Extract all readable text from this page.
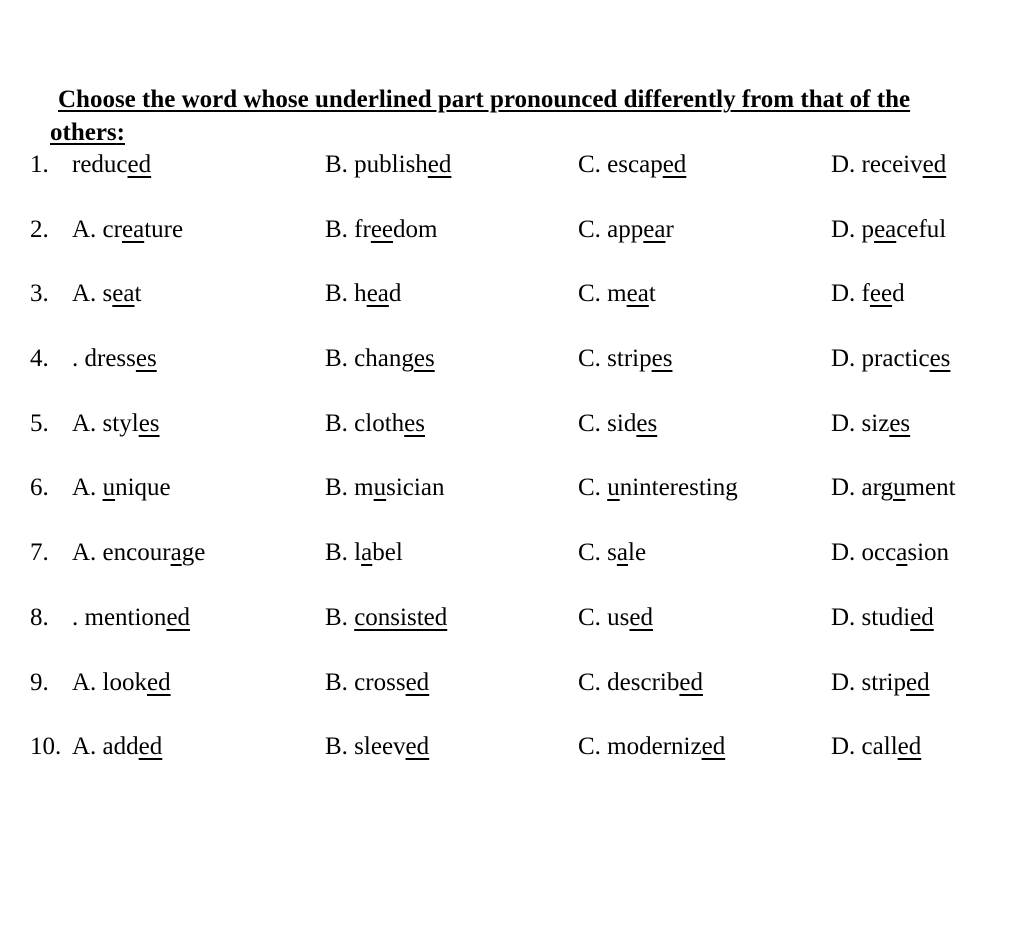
Choose the word whose underlined part pronounced differently from that of the
others:
1. reduced	B. published	C. escaped	D. received
2. A. creature	B. freedom	C. appear	D. peaceful
3. A. seat	B. head	C. meat	D. feed
4. . dresses	B. changes	C. stripes	D. practices
5. A. styles	B. clothes	C. sides	D. sizes
6. A. unique	B. musician	C. uninteresting	D. argument
7. A. encourage	B. label	C. sale	D. occasion
8. . mentioned	B. consisted	C. used	D. studied
9. A. looked	B. crossed	C. described	D. striped
10. A. added	B. sleeved	C. modernized	D. called
